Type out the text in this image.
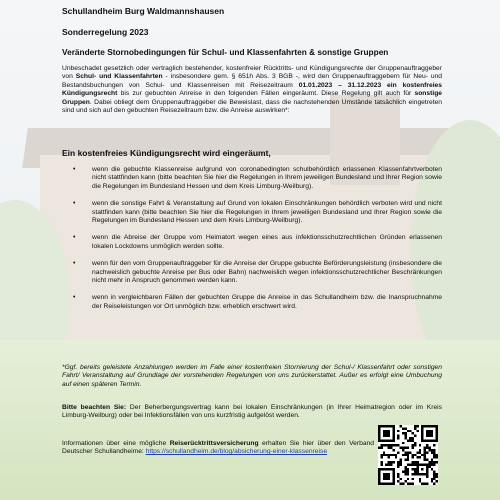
Schullandheim Burg Waldmannshausen
Sonderregelung 2023
Veränderte Stornobedingungen für Schul- und Klassenfahrten & sonstige Gruppen
Unbeschadet gesetzlich oder vertraglich bestehender, kostenfreier Rücktritts- und Kündigungsrechte der Gruppenauftraggeber von Schul- und Klassenfahrten - insbesondere gem. § 651h Abs. 3 BGB -, wird den Gruppenauftraggebern für Neu- und Bestandsbuchungen von Schul- und Klassenreisen mit Reisezeitraum 01.01.2023 – 31.12.2023 ein kostenfreies Kündigungsrecht bis zur gebuchten Anreise in den folgenden Fällen eingeräumt. Diese Regelung gilt auch für sonstige Gruppen. Dabei obliegt dem Gruppenauftraggeber die Beweislast, dass die nachstehenden Umstände tatsächlich eingetreten sind und sich auf den gebuchten Reisezeitraum bzw. die Anreise auswirken*:
Ein kostenfreies Kündigungsrecht wird eingeräumt,
• wenn die gebuchte Klassenreise aufgrund von coronabedingten schulbehördlich erlassenen Klassenfahrtverboten nicht stattfinden kann (bitte beachten Sie hier die Regelungen in Ihrem jeweiligen Bundesland und Ihrer Region sowie die Regelungen im Bundesland Hessen und dem Kreis Limburg-Weilburg).
• wenn die sonstige Fahrt & Veranstaltung auf Grund von lokalen Einschränkungen behördlich verboten wird und nicht stattfinden kann (bitte beachten Sie hier die Regelungen in Ihrem jeweiligen Bundesland und Ihrer Region sowie die Regelungen im Bundesland Hessen und dem Kreis Limburg-Weilburg).
• wenn die Abreise der Gruppe vom Heimatort wegen eines aus infektionsschutzrechtlichen Gründen erlassenen lokalen Lockdowns unmöglich werden sollte.
• wenn für den vom Gruppenauftraggeber für die Anreise der Gruppe gebuchte Beförderungsleistung (insbesondere die nachweislich gebuchte Anreise per Bus oder Bahn) nachweislich wegen infektionsschutzrechtlicher Beschränkungen nicht mehr in Anspruch genommen werden kann.
• wenn in vergleichbaren Fällen der gebuchten Gruppe die Anreise in das Schullandheim bzw. die Inanspruchnahme der Reiseleistungen vor Ort unmöglich bzw. erheblich erschwert wird.
*Ggf. bereits geleistete Anzahlungen werden im Falle einer kostenfreien Stornierung der Schul-/ Klassenfahrt oder sonstigen Fahrt/ Veranstaltung auf Grundlage der vorstehenden Regelungen von uns zurückerstattet. Außer es erfolgt eine Umbuchung auf einen späteren Termin.
Bitte beachten Sie: Der Beherbergungsvertrag kann bei lokalen Einschränkungen (in Ihrer Heimatregion oder im Kreis Limburg-Weilburg) oder bei Infektionsfällen von uns kurzfristig aufgelöst werden.
Informationen über eine mögliche Reiserücktrittsversicherung erhalten Sie hier über den Verband Deutscher Schullandheime: https://schullandheim.de/blog/absicherung-einer-klassenreise
